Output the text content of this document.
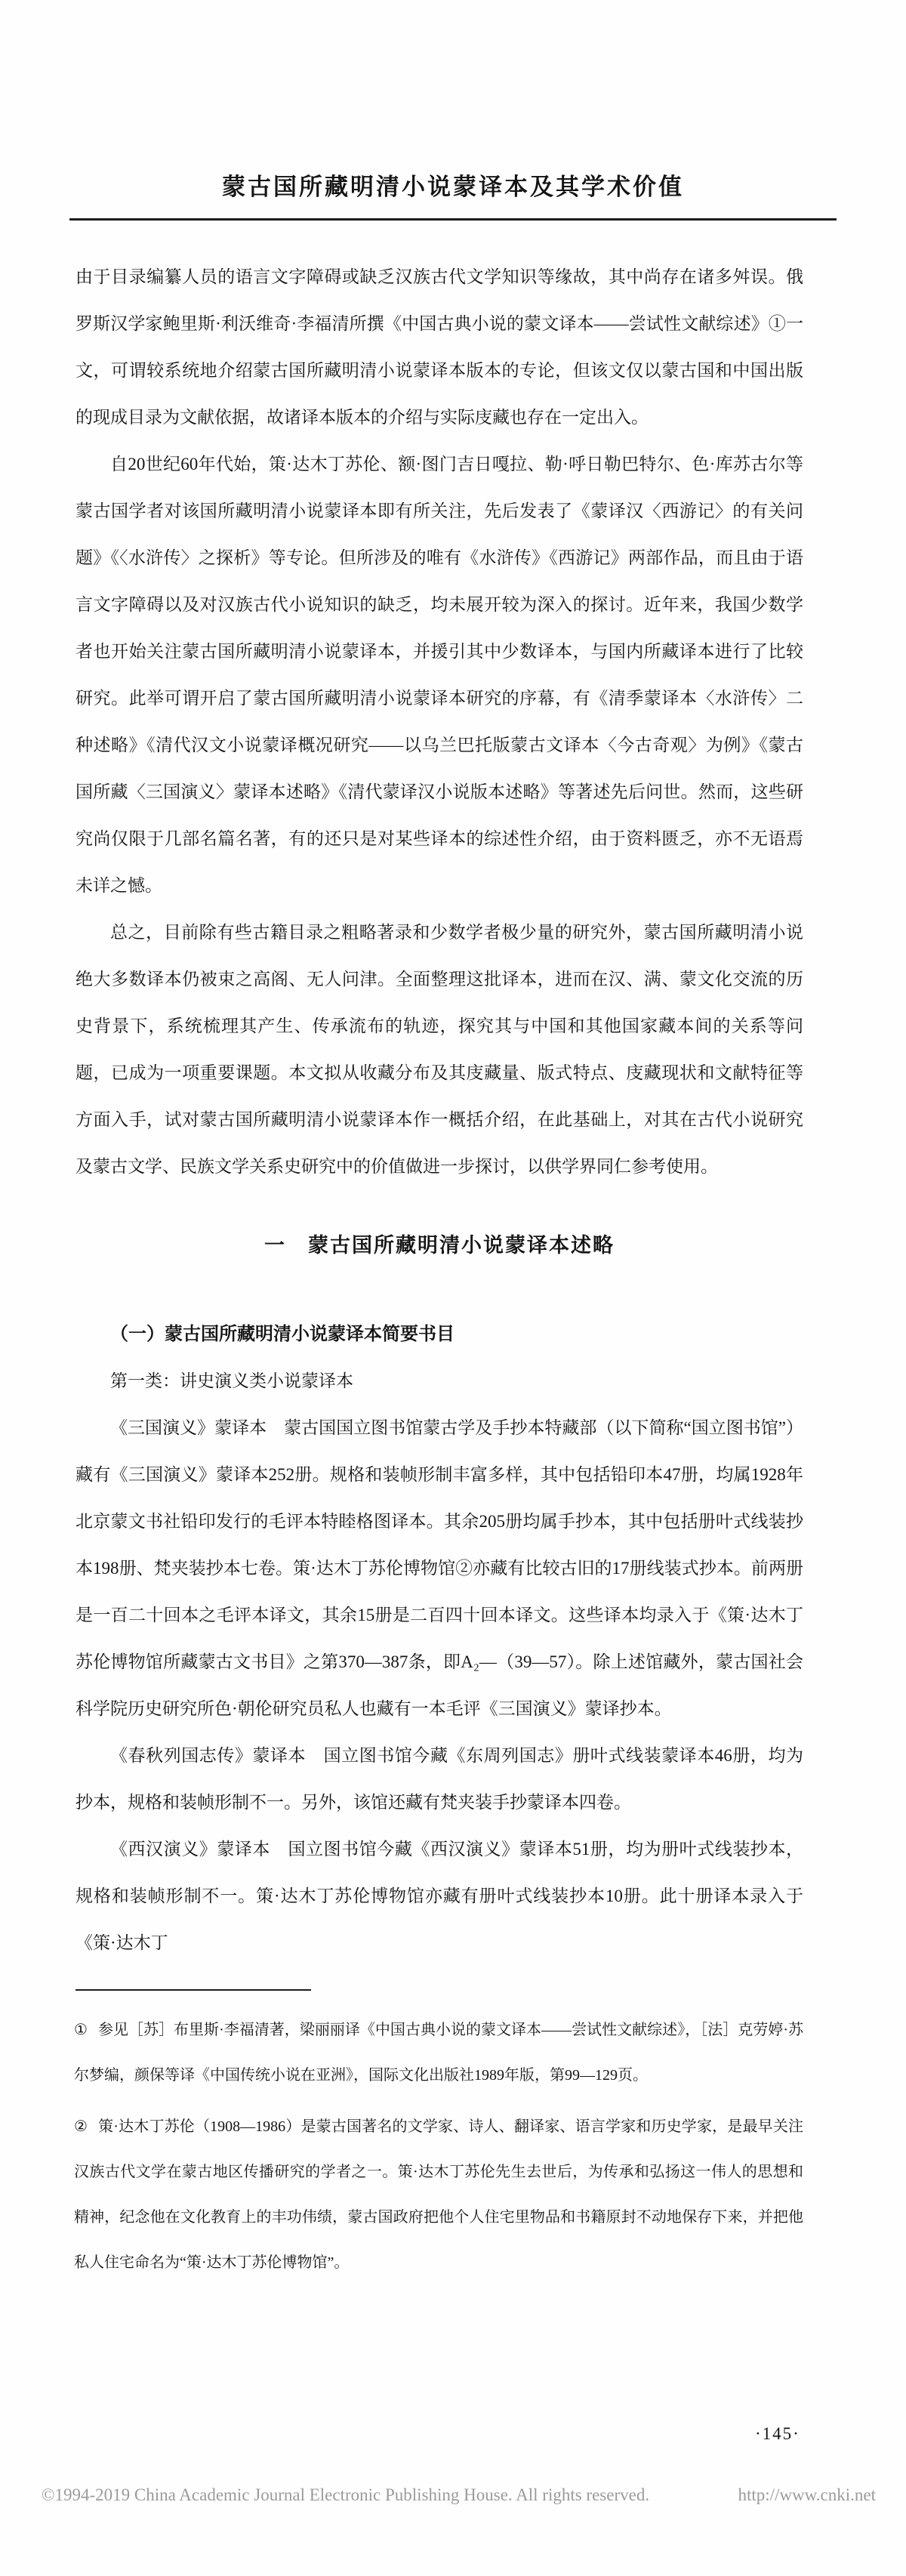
蒙古国所藏明清小说蒙译本及其学术价值

由于目录编纂人员的语言文字障碍或缺乏汉族古代文学知识等缘故，其中尚存在诸多舛误。俄罗斯汉学家鲍里斯·利沃维奇·李福清所撰《中国古典小说的蒙文译本——尝试性文献综述》①一文，可谓较系统地介绍蒙古国所藏明清小说蒙译本版本的专论，但该文仅以蒙古国和中国出版的现成目录为文献依据，故诸译本版本的介绍与实际庋藏也存在一定出入。

自20世纪60年代始，策·达木丁苏伦、额·图门吉日嘎拉、勒·呼日勒巴特尔、色·库苏古尔等蒙古国学者对该国所藏明清小说蒙译本即有所关注，先后发表了《蒙译汉〈西游记〉的有关问题》《〈水浒传〉之探析》等专论。但所涉及的唯有《水浒传》《西游记》两部作品，而且由于语言文字障碍以及对汉族古代小说知识的缺乏，均未展开较为深入的探讨。近年来，我国少数学者也开始关注蒙古国所藏明清小说蒙译本，并援引其中少数译本，与国内所藏译本进行了比较研究。此举可谓开启了蒙古国所藏明清小说蒙译本研究的序幕，有《清季蒙译本〈水浒传〉二种述略》《清代汉文小说蒙译概况研究——以乌兰巴托版蒙古文译本〈今古奇观〉为例》《蒙古国所藏〈三国演义〉蒙译本述略》《清代蒙译汉小说版本述略》等著述先后问世。然而，这些研究尚仅限于几部名篇名著，有的还只是对某些译本的综述性介绍，由于资料匮乏，亦不无语焉未详之憾。

总之，目前除有些古籍目录之粗略著录和少数学者极少量的研究外，蒙古国所藏明清小说绝大多数译本仍被束之高阁、无人问津。全面整理这批译本，进而在汉、满、蒙文化交流的历史背景下，系统梳理其产生、传承流布的轨迹，探究其与中国和其他国家藏本间的关系等问题，已成为一项重要课题。本文拟从收藏分布及其庋藏量、版式特点、庋藏现状和文献特征等方面入手，试对蒙古国所藏明清小说蒙译本作一概括介绍，在此基础上，对其在古代小说研究及蒙古文学、民族文学关系史研究中的价值做进一步探讨，以供学界同仁参考使用。

一　蒙古国所藏明清小说蒙译本述略

（一）蒙古国所藏明清小说蒙译本简要书目

第一类：讲史演义类小说蒙译本

《三国演义》蒙译本　蒙古国国立图书馆蒙古学及手抄本特藏部（以下简称“国立图书馆”）藏有《三国演义》蒙译本252册。规格和装帧形制丰富多样，其中包括铅印本47册，均属1928年北京蒙文书社铅印发行的毛评本特睦格图译本。其余205册均属手抄本，其中包括册叶式线装抄本198册、梵夹装抄本七卷。策·达木丁苏伦博物馆②亦藏有比较古旧的17册线装式抄本。前两册是一百二十回本之毛评本译文，其余15册是二百四十回本译文。这些译本均录入于《策·达木丁苏伦博物馆所藏蒙古文书目》之第370—387条，即A₂—（39—57）。除上述馆藏外，蒙古国社会科学院历史研究所色·朝伦研究员私人也藏有一本毛评《三国演义》蒙译抄本。

《春秋列国志传》蒙译本　国立图书馆今藏《东周列国志》册叶式线装蒙译本46册，均为抄本，规格和装帧形制不一。另外，该馆还藏有梵夹装手抄蒙译本四卷。

《西汉演义》蒙译本　国立图书馆今藏《西汉演义》蒙译本51册，均为册叶式线装抄本，规格和装帧形制不一。策·达木丁苏伦博物馆亦藏有册叶式线装抄本10册。此十册译本录入于《策·达木丁

① 参见［苏］布里斯·李福清著，梁丽丽译《中国古典小说的蒙文译本——尝试性文献综述》，［法］克劳婷·苏尔梦编，颜保等译《中国传统小说在亚洲》，国际文化出版社1989年版，第99—129页。

② 策·达木丁苏伦（1908—1986）是蒙古国著名的文学家、诗人、翻译家、语言学家和历史学家，是最早关注汉族古代文学在蒙古地区传播研究的学者之一。策·达木丁苏伦先生去世后，为传承和弘扬这一伟人的思想和精神，纪念他在文化教育上的丰功伟绩，蒙古国政府把他个人住宅里物品和书籍原封不动地保存下来，并把他私人住宅命名为“策·达木丁苏伦博物馆”。

·145·
©1994-2019 China Academic Journal Electronic Publishing House. All rights reserved.	http://www.cnki.net
